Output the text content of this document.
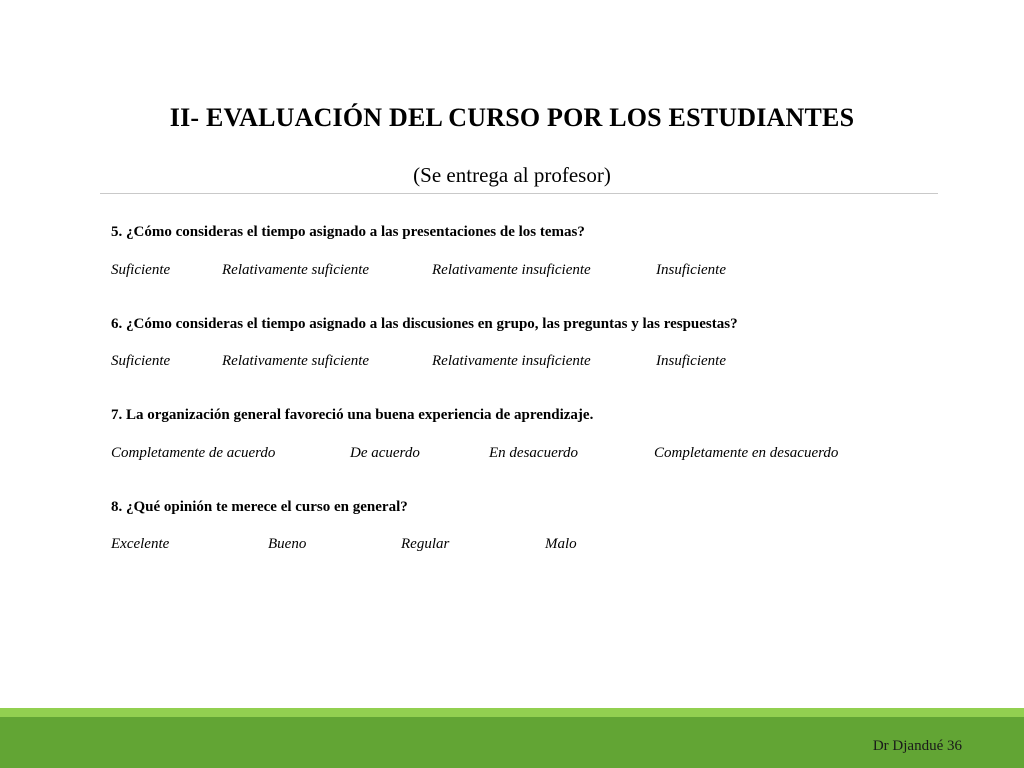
II- EVALUACIÓN DEL CURSO POR LOS ESTUDIANTES
(Se entrega al profesor)
5. ¿Cómo consideras el tiempo asignado a las presentaciones de los temas?
Suficiente	Relativamente suficiente	Relativamente insuficiente	Insuficiente
6. ¿Cómo consideras el tiempo asignado a las discusiones en grupo, las preguntas y las respuestas?
Suficiente	Relativamente suficiente	Relativamente insuficiente	Insuficiente
7. La organización general favoreció una buena experiencia de aprendizaje.
Completamente de acuerdo	De acuerdo	En desacuerdo	Completamente en desacuerdo
8. ¿Qué opinión te merece el curso en general?
Excelente	Bueno	Regular	Malo
Dr Djandué 36
